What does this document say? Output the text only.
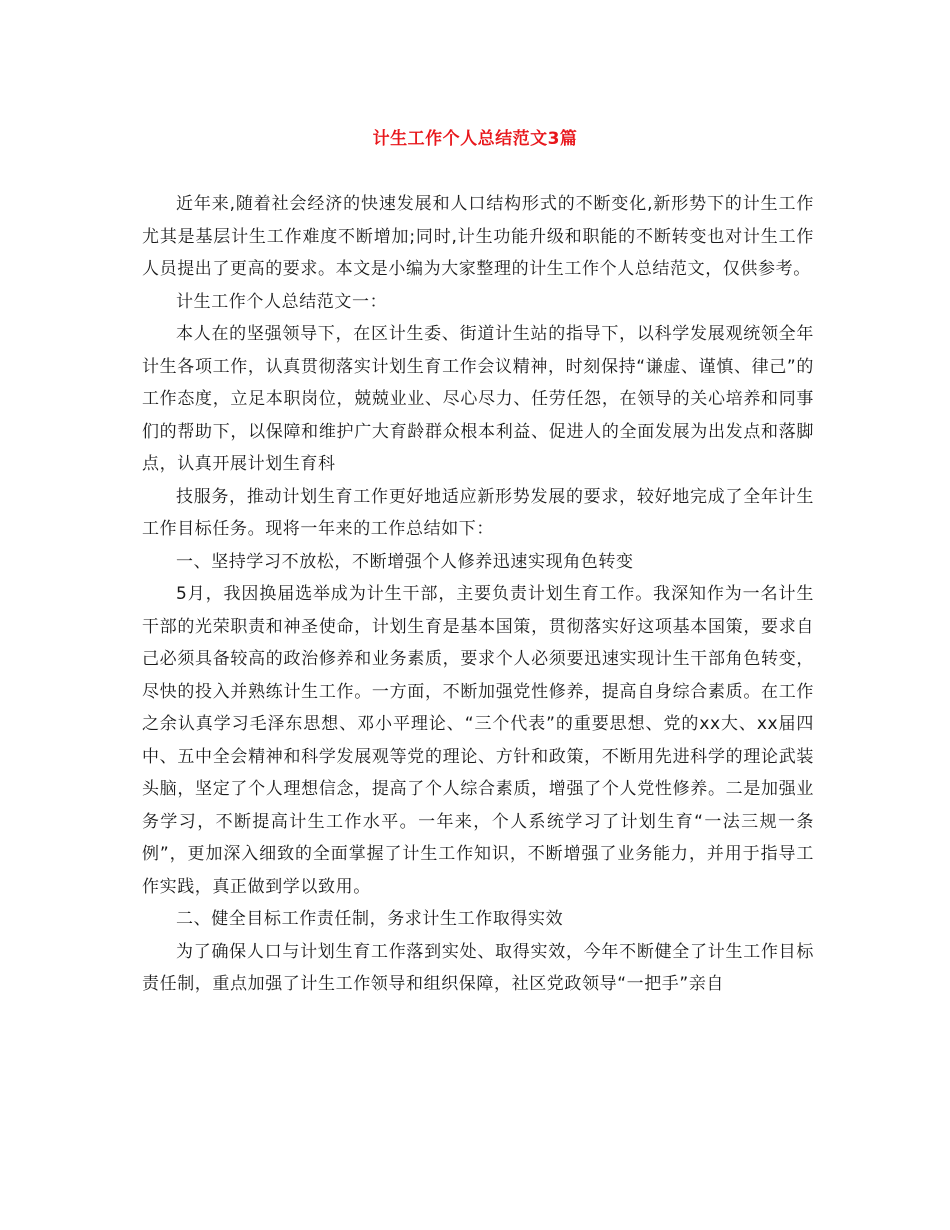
计生工作个人总结范文3篇

近年来,随着社会经济的快速发展和人口结构形式的不断变化,新形势下的计生工作尤其是基层计生工作难度不断增加;同时,计生功能升级和职能的不断转变也对计生工作人员提出了更高的要求。本文是小编为大家整理的计生工作个人总结范文，仅供参考。

计生工作个人总结范文一：

本人在的坚强领导下，在区计生委、街道计生站的指导下，以科学发展观统领全年计生各项工作，认真贯彻落实计划生育工作会议精神，时刻保持“谦虚、谨慎、律己”的工作态度，立足本职岗位，兢兢业业、尽心尽力、任劳任怨，在领导的关心培养和同事们的帮助下，以保障和维护广大育龄群众根本利益、促进人的全面发展为出发点和落脚点，认真开展计划生育科

技服务，推动计划生育工作更好地适应新形势发展的要求，较好地完成了全年计生工作目标任务。现将一年来的工作总结如下：

一、坚持学习不放松，不断增强个人修养迅速实现角色转变

5月，我因换届选举成为计生干部，主要负责计划生育工作。我深知作为一名计生干部的光荣职责和神圣使命，计划生育是基本国策，贯彻落实好这项基本国策，要求自己必须具备较高的政治修养和业务素质，要求个人必须要迅速实现计生干部角色转变，尽快的投入并熟练计生工作。一方面，不断加强党性修养，提高自身综合素质。在工作之余认真学习毛泽东思想、邓小平理论、“三个代表”的重要思想、党的xx大、xx届四中、五中全会精神和科学发展观等党的理论、方针和政策，不断用先进科学的理论武装头脑，坚定了个人理想信念，提高了个人综合素质，增强了个人党性修养。二是加强业务学习，不断提高计生工作水平。一年来，个人系统学习了计划生育“一法三规一条例”，更加深入细致的全面掌握了计生工作知识，不断增强了业务能力，并用于指导工作实践，真正做到学以致用。

二、健全目标工作责任制，务求计生工作取得实效

为了确保人口与计划生育工作落到实处、取得实效，今年不断健全了计生工作目标责任制，重点加强了计生工作领导和组织保障，社区党政领导“一把手”亲自
